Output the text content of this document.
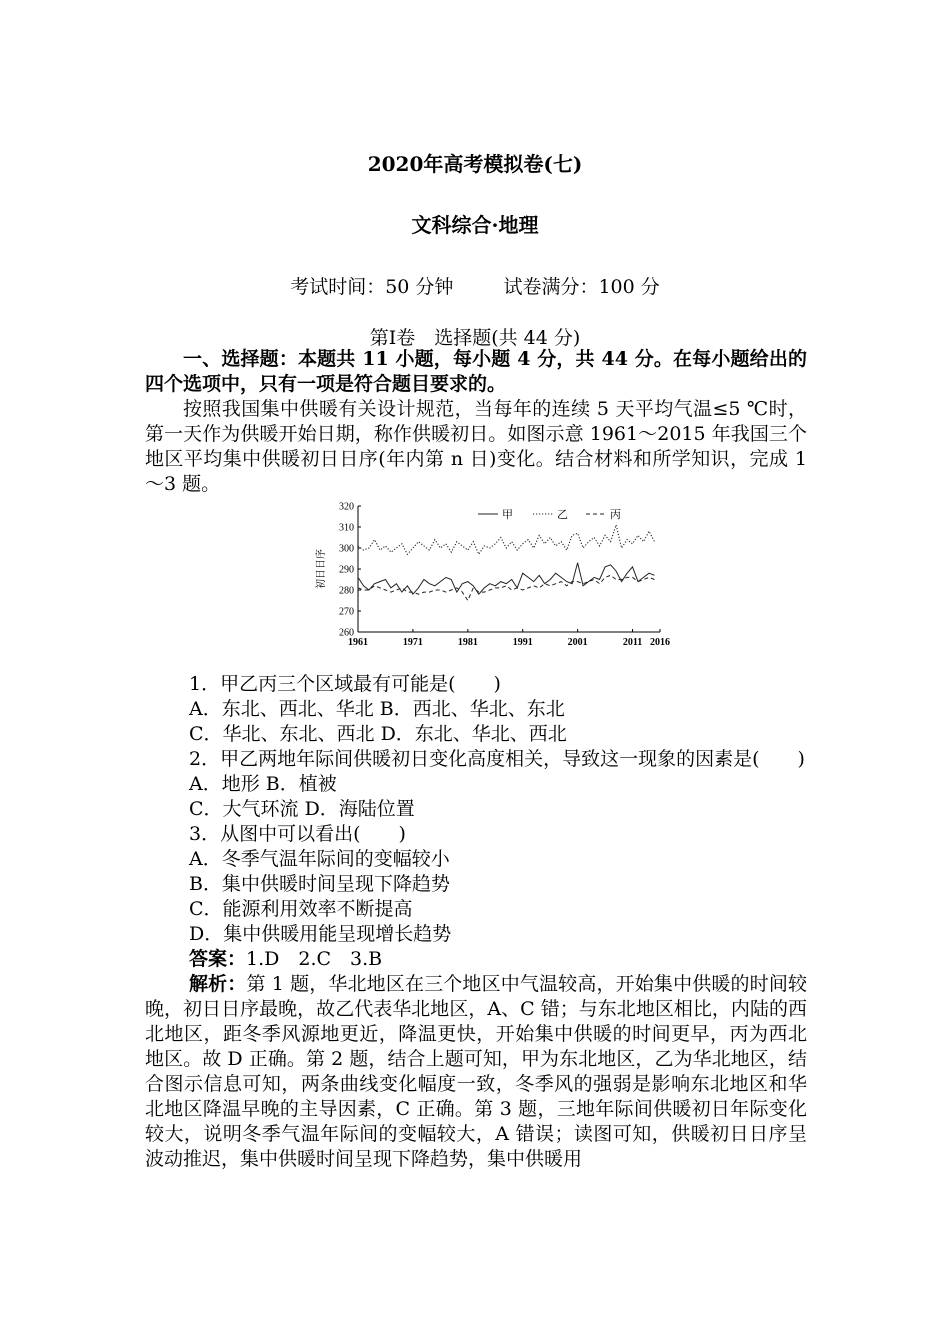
2020年高考模拟卷(七)
文科综合·地理
考试时间：50 分钟	试卷满分：100 分
第Ⅰ卷　选择题(共 44 分)

一、选择题：本题共 11 小题，每小题 4 分，共 44 分。在每小题给出的四个选项中，只有一项是符合题目要求的。

按照我国集中供暖有关设计规范，当每年的连续 5 天平均气温≤5 ℃时，第一天作为供暖开始日期，称作供暖初日。如图示意 1961～2015 年我国三个地区平均集中供暖初日日序(年内第 n 日)变化。结合材料和所学知识，完成 1～3 题。

320
310
300
290
280
270
260
1961	1971	1981	1991	2001	2011 2016
初日日序
甲	乙	丙

1．甲乙丙三个区域最有可能是(　　)

A．东北、西北、华北 B．西北、华北、东北

C．华北、东北、西北 D．东北、华北、西北

2．甲乙两地年际间供暖初日变化高度相关，导致这一现象的因素是(　　)

A．地形 B．植被

C．大气环流 D．海陆位置

3．从图中可以看出(　　)

A．冬季气温年际间的变幅较小

B．集中供暖时间呈现下降趋势

C．能源利用效率不断提高

D．集中供暖用能呈现增长趋势

答案：1.D　2.C　3.B

解析：第 1 题，华北地区在三个地区中气温较高，开始集中供暖的时间较晚，初日日序最晚，故乙代表华北地区，A、C 错；与东北地区相比，内陆的西北地区，距冬季风源地更近，降温更快，开始集中供暖的时间更早，丙为西北地区。故 D 正确。第 2 题，结合上题可知，甲为东北地区，乙为华北地区，结合图示信息可知，两条曲线变化幅度一致，冬季风的强弱是影响东北地区和华北地区降温早晚的主导因素，C 正确。第 3 题，三地年际间供暖初日年际变化较大，说明冬季气温年际间的变幅较大，A 错误；读图可知，供暖初日日序呈波动推迟，集中供暖时间呈现下降趋势，集中供暖用
